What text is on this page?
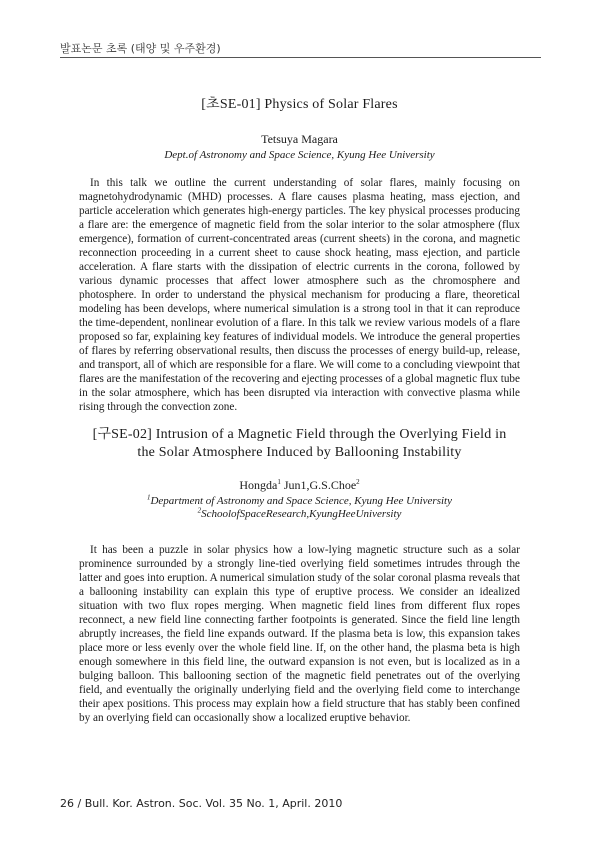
발표논문 초록 (태양 및 우주환경)
[초SE-01] Physics of Solar Flares
Tetsuya Magara
Dept.of Astronomy and Space Science, Kyung Hee University

In this talk we outline the current understanding of solar flares, mainly focusing on magnetohydrodynamic (MHD) processes. A flare causes plasma heating, mass ejection, and particle acceleration which generates high-energy particles. The key physical processes producing a flare are: the emergence of magnetic field from the solar interior to the solar atmosphere (flux emergence), formation of current-concentrated areas (current sheets) in the corona, and magnetic reconnection proceeding in a current sheet to cause shock heating, mass ejection, and particle acceleration. A flare starts with the dissipation of electric currents in the corona, followed by various dynamic processes that affect lower atmosphere such as the chromosphere and photosphere. In order to understand the physical mechanism for producing a flare, theoretical modeling has been develops, where numerical simulation is a strong tool in that it can reproduce the time-dependent, nonlinear evolution of a flare. In this talk we review various models of a flare proposed so far, explaining key features of individual models. We introduce the general properties of flares by referring observational results, then discuss the processes of energy build-up, release, and transport, all of which are responsible for a flare. We will come to a concluding viewpoint that flares are the manifestation of the recovering and ejecting processes of a global magnetic flux tube in the solar atmosphere, which has been disrupted via interaction with convective plasma while rising through the convection zone.

[구SE-02] Intrusion of a Magnetic Field through the Overlying Field in
the Solar Atmosphere Induced by Ballooning Instability
Hongda$^1$ Jun1,G.S.Choe$^2$
$^1$Department of Astronomy and Space Science, Kyung Hee University
$^2$SchoolofSpaceResearch,KyungHeeUniversity

It has been a puzzle in solar physics how a low-lying magnetic structure such as a solar prominence surrounded by a strongly line-tied overlying field sometimes intrudes through the latter and goes into eruption. A numerical simulation study of the solar coronal plasma reveals that a ballooning instability can explain this type of eruptive process. We consider an idealized situation with two flux ropes merging. When magnetic field lines from different flux ropes reconnect, a new field line connecting farther footpoints is generated. Since the field line length abruptly increases, the field line expands outward. If the plasma beta is low, this expansion takes place more or less evenly over the whole field line. If, on the other hand, the plasma beta is high enough somewhere in this field line, the outward expansion is not even, but is localized as in a bulging balloon. This ballooning section of the magnetic field penetrates out of the overlying field, and eventually the originally underlying field and the overlying field come to interchange their apex positions. This process may explain how a field structure that has stably been confined by an overlying field can occasionally show a localized eruptive behavior.

26 / Bull. Kor. Astron. Soc. Vol. 35 No. 1, April. 2010
